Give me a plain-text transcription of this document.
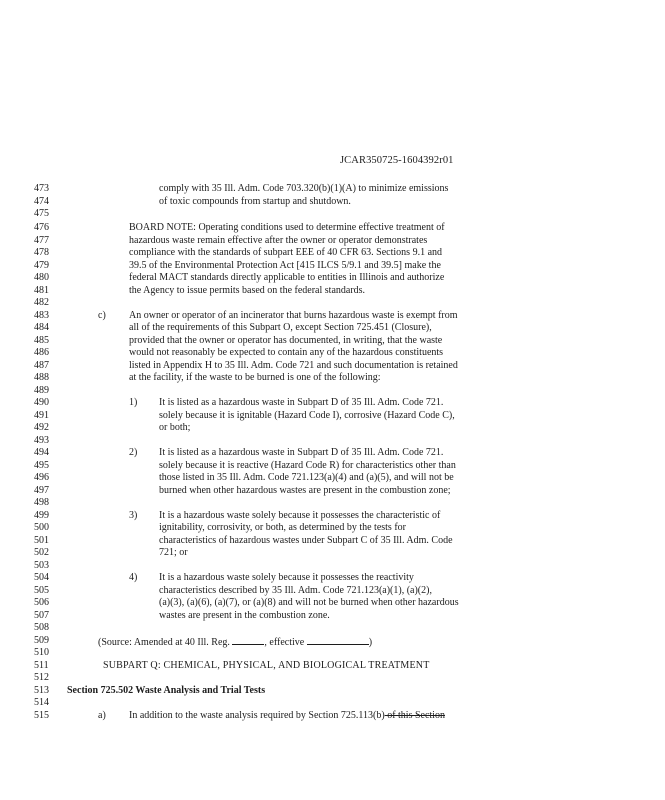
JCAR350725-1604392r01
473	comply with 35 Ill. Adm. Code 703.320(b)(1)(A) to minimize emissions
474	of toxic compounds from startup and shutdown.
475
476	BOARD NOTE: Operating conditions used to determine effective treatment of
477	hazardous waste remain effective after the owner or operator demonstrates
478	compliance with the standards of subpart EEE of 40 CFR 63. Sections 9.1 and
479	39.5 of the Environmental Protection Act [415 ILCS 5/9.1 and 39.5] make the
480	federal MACT standards directly applicable to entities in Illinois and authorize
481	the Agency to issue permits based on the federal standards.
482
483	c) An owner or operator of an incinerator that burns hazardous waste is exempt from
484	all of the requirements of this Subpart O, except Section 725.451 (Closure),
485	provided that the owner or operator has documented, in writing, that the waste
486	would not reasonably be expected to contain any of the hazardous constituents
487	listed in Appendix H to 35 Ill. Adm. Code 721 and such documentation is retained
488	at the facility, if the waste to be burned is one of the following:
489
490	1) It is listed as a hazardous waste in Subpart D of 35 Ill. Adm. Code 721.
491	solely because it is ignitable (Hazard Code I), corrosive (Hazard Code C),
492	or both;
493
494	2) It is listed as a hazardous waste in Subpart D of 35 Ill. Adm. Code 721.
495	solely because it is reactive (Hazard Code R) for characteristics other than
496	those listed in 35 Ill. Adm. Code 721.123(a)(4) and (a)(5), and will not be
497	burned when other hazardous wastes are present in the combustion zone;
498
499	3) It is a hazardous waste solely because it possesses the characteristic of
500	ignitability, corrosivity, or both, as determined by the tests for
501	characteristics of hazardous wastes under Subpart C of 35 Ill. Adm. Code
502	721; or
503
504	4) It is a hazardous waste solely because it possesses the reactivity
505	characteristics described by 35 Ill. Adm. Code 721.123(a)(1), (a)(2),
506	(a)(3), (a)(6), (a)(7), or (a)(8) and will not be burned when other hazardous
507	wastes are present in the combustion zone.
508
509	(Source: Amended at 40 Ill. Reg.	, effective	)
510
511	SUBPART Q: CHEMICAL, PHYSICAL, AND BIOLOGICAL TREATMENT
512
513	Section 725.502 Waste Analysis and Trial Tests
514
515	a) In addition to the waste analysis required by Section 725.113(b) of this Section
